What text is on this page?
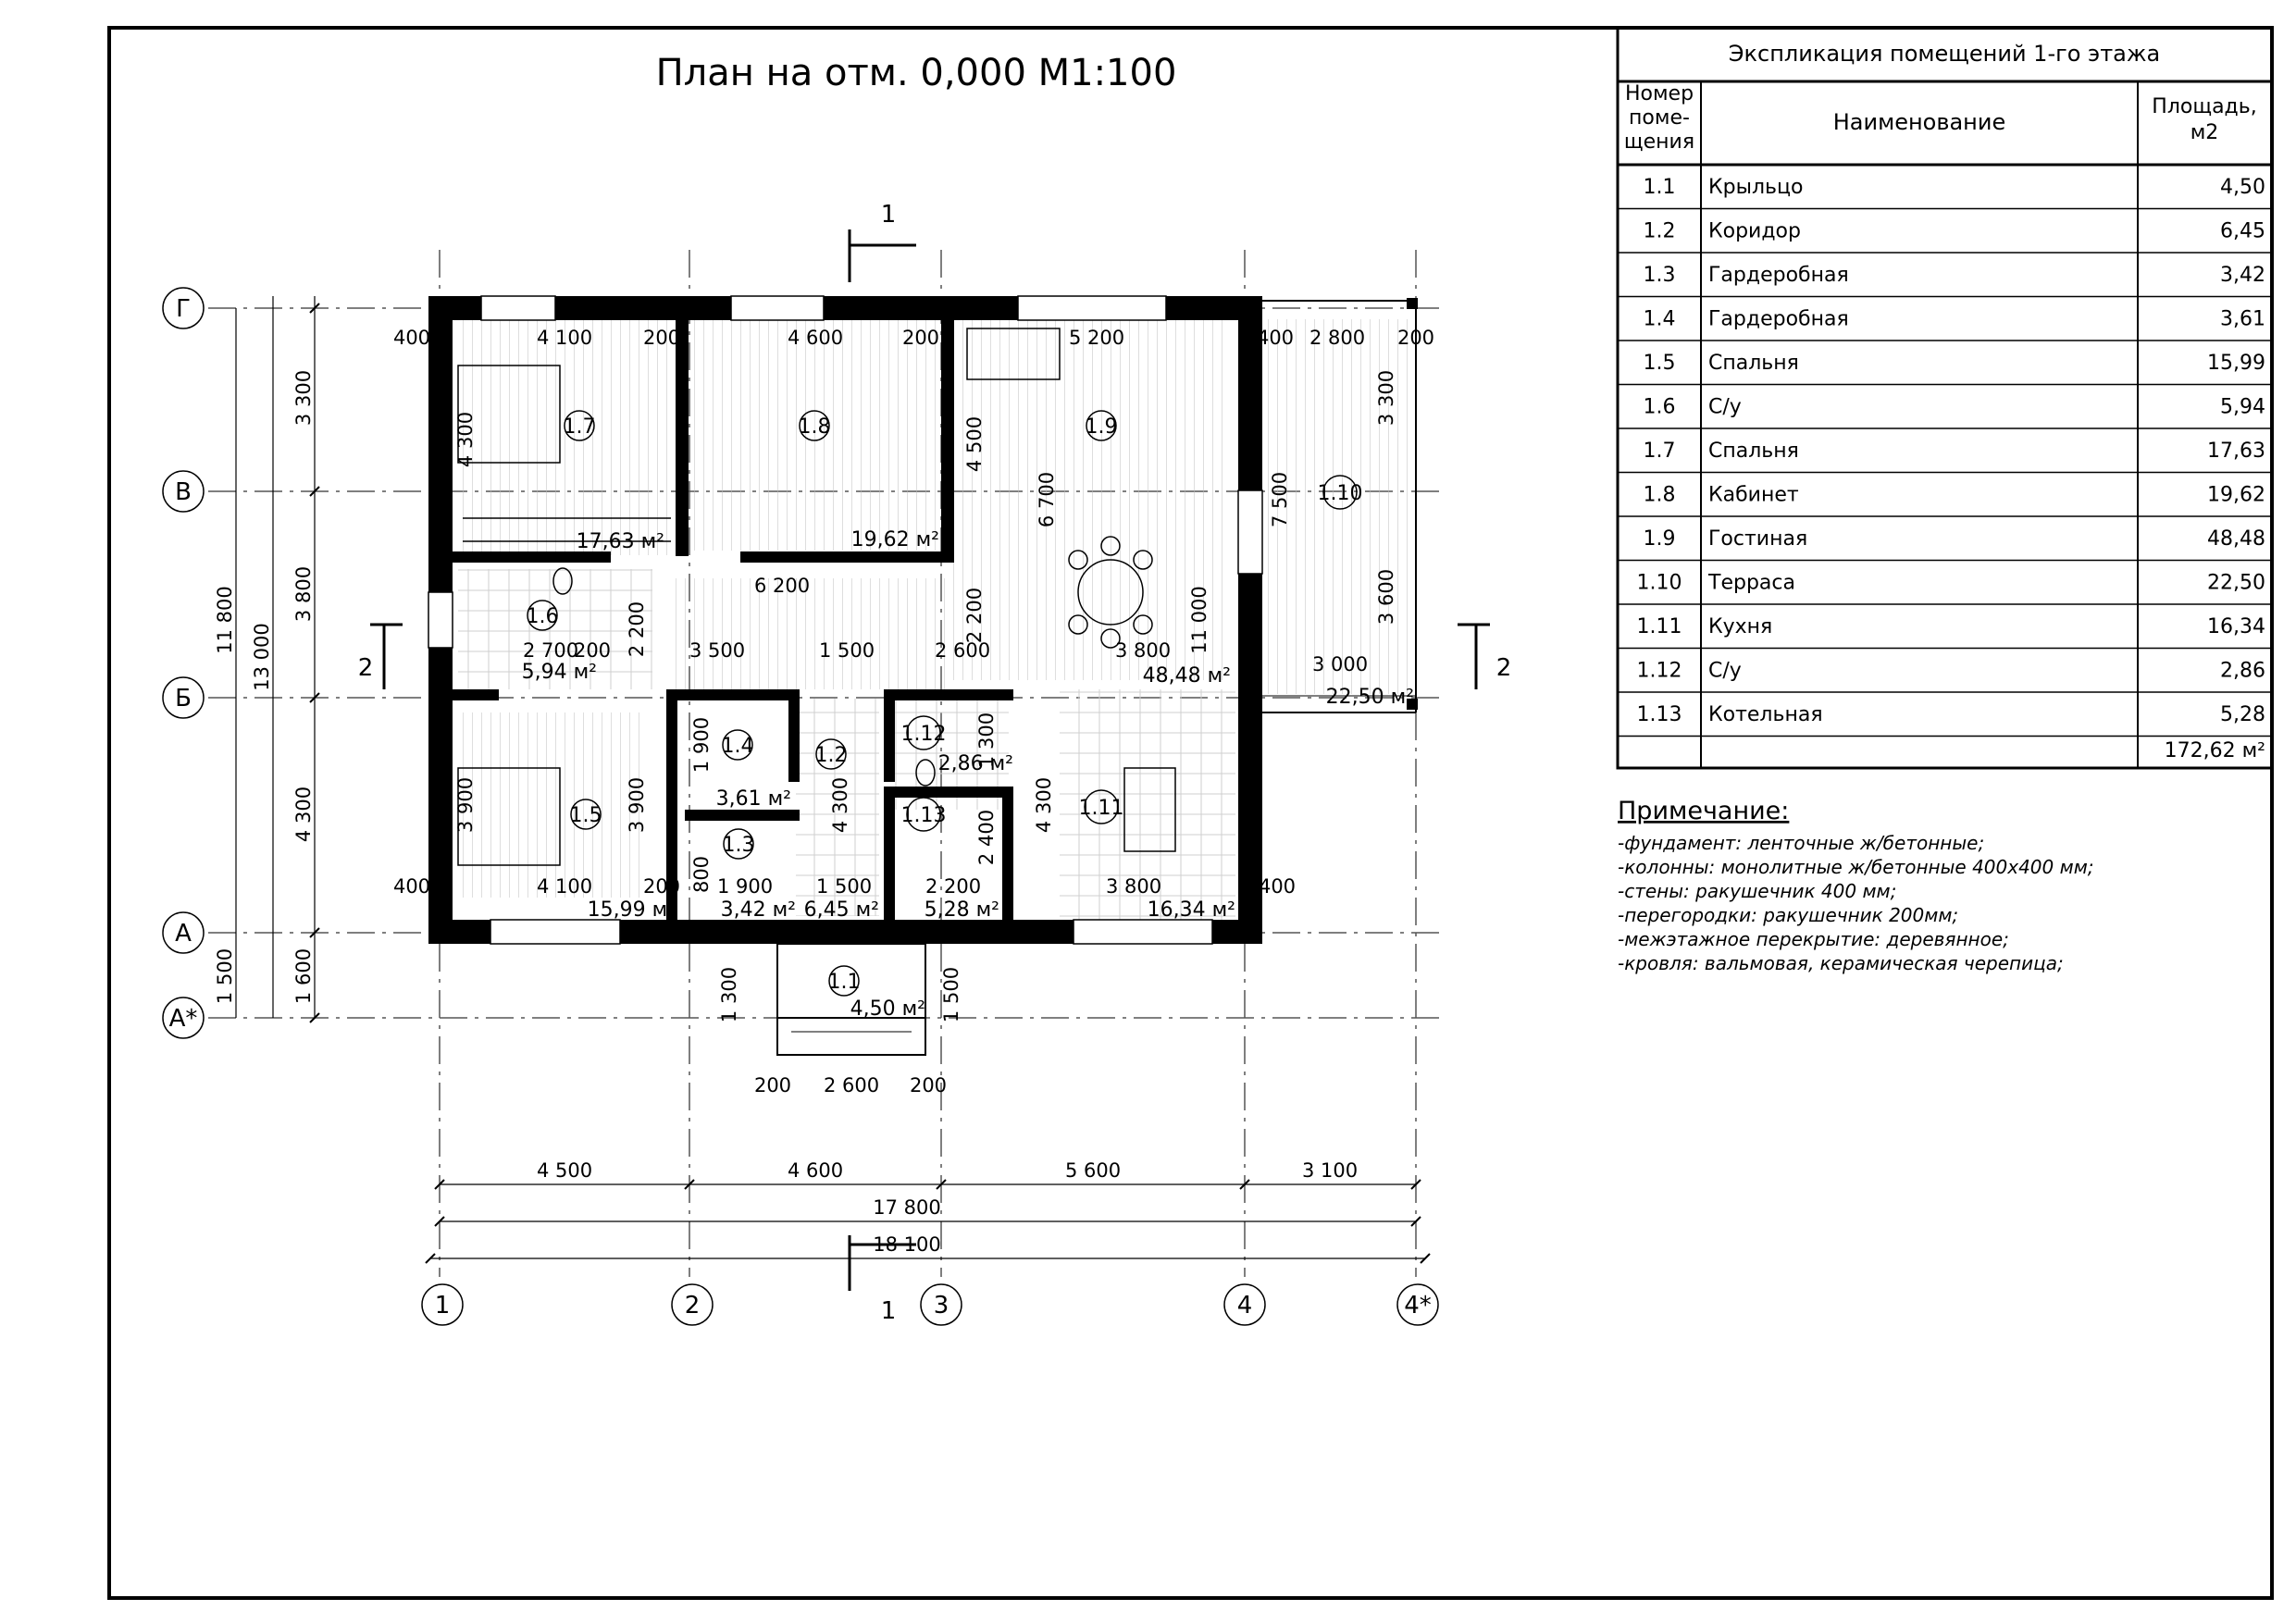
План на отм. 0,000 М1:100
1
1
2	2
4 500	4 600	5 600	3 100
17 800
18 100
200 2 600 200
3 300
3 800
4 300
1 600
13 000
11 800
1 500
400	4 100	200	4 600	200	5 200	400 2 800 200
6 200
2 700
200	3 500	1 500	2 600	3 800
3 000
6 700
11 000
7 500
3 300
3 600
4 300	4 500
2 200	2 200
3 900	3 900	4 300	4 300
1 900	1 300
2 400
800
1 300	1 500
400	4 100	200 1 900 1 500	2 200	3 800	400
1.7	1.8	1.9
1.10
1.6
1.4	1.2
1.12
1.5	1.11
1.3
1.13
1.1
17,63 м²	19,62 м²
48,48 м²
22,50 м²
5,94 м²
3,61 м²
2,86 м²
15,99 м² 3,42 м² 6,45 м² 5,28 м²	16,34 м²
4,50 м²
Г
В
Б
А
А*
1	2	3	4	4*
Экспликация помещений 1-го этажа
Номер
поме-
щения
Наименование
Площадь,
м2
1.1 Крыльцо	4,50
1.2 Коридор	6,45
1.3 Гардеробная	3,42
1.4 Гардеробная	3,61
1.5 Спальня	15,99
1.6 С/у	5,94
1.7 Спальня	17,63
1.8 Кабинет	19,62
1.9 Гостиная	48,48
1.10 Терраса	22,50
1.11 Кухня	16,34
1.12 С/у	2,86
1.13 Котельная	5,28
172,62 м²
Примечание:
-фундамент: ленточные ж/бетонные;
-колонны: монолитные ж/бетонные 400х400 мм;
-стены: ракушечник 400 мм;
-перегородки: ракушечник 200мм;
-межэтажное перекрытие: деревянное;
-кровля: вальмовая, керамическая черепица;
